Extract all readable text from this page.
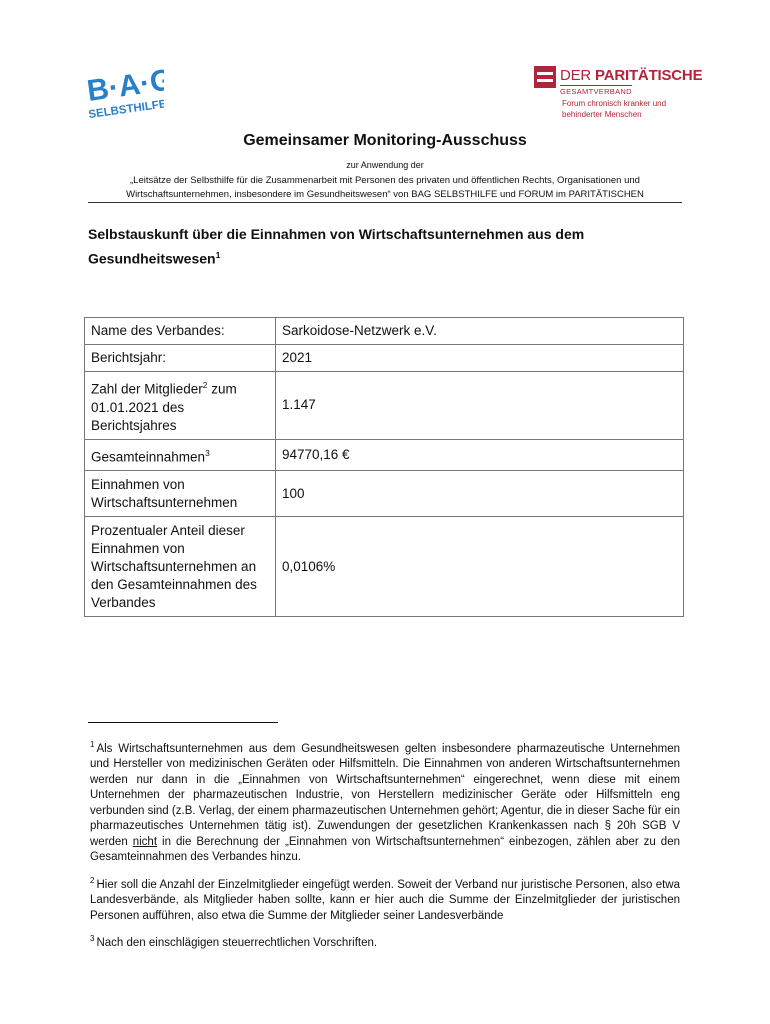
B·A·G
SELBSTHILFE
DER PARITÄTISCHE
GESAMTVERBAND
Forum chronisch kranker und behinderter Menschen
Gemeinsamer Monitoring-Ausschuss

zur Anwendung der

„Leitsätze der Selbsthilfe für die Zusammenarbeit mit Personen des privaten und öffentlichen Rechts, Organisationen und Wirtschaftsunternehmen, insbesondere im Gesundheitswesen“ von BAG SELBSTHILFE und FORUM im PARITÄTISCHEN

Selbstauskunft über die Einnahmen von Wirtschaftsunternehmen aus dem Gesundheitswesen$^1$
Name des Verbandes:	Sarkoidose-Netzwerk e.V.
Berichtsjahr:	2021
Zahl der Mitglieder$^2$ zum 01.01.2021 des Berichtsjahres	1.147
Gesamteinnahmen$^3$	94770,16 €
Einnahmen von Wirtschaftsunternehmen	100
Prozentualer Anteil dieser Einnahmen von Wirtschaftsunternehmen an den Gesamteinnahmen des Verbandes	0,0106%

$^1$ Als Wirtschaftsunternehmen aus dem Gesundheitswesen gelten insbesondere pharmazeutische Unternehmen und Hersteller von medizinischen Geräten oder Hilfsmitteln. Die Einnahmen von anderen Wirtschaftsunternehmen werden nur dann in die „Einnahmen von Wirtschaftsunternehmen“ eingerechnet, wenn diese mit einem Unternehmen der pharmazeutischen Industrie, von Herstellern medizinischer Geräte oder Hilfsmitteln eng verbunden sind (z.B. Verlag, der einem pharmazeutischen Unternehmen gehört; Agentur, die in dieser Sache für ein pharmazeutisches Unternehmen tätig ist). Zuwendungen der gesetzlichen Krankenkassen nach § 20h SGB V werden nicht in die Berechnung der „Einnahmen von Wirtschaftsunternehmen“ einbezogen, zählen aber zu den Gesamteinnahmen des Verbandes hinzu.

$^2$ Hier soll die Anzahl der Einzelmitglieder eingefügt werden. Soweit der Verband nur juristische Personen, also etwa Landesverbände, als Mitglieder haben sollte, kann er hier auch die Summe der Einzelmitglieder der juristischen Personen aufführen, also etwa die Summe der Mitglieder seiner Landesverbände

$^3$ Nach den einschlägigen steuerrechtlichen Vorschriften.
